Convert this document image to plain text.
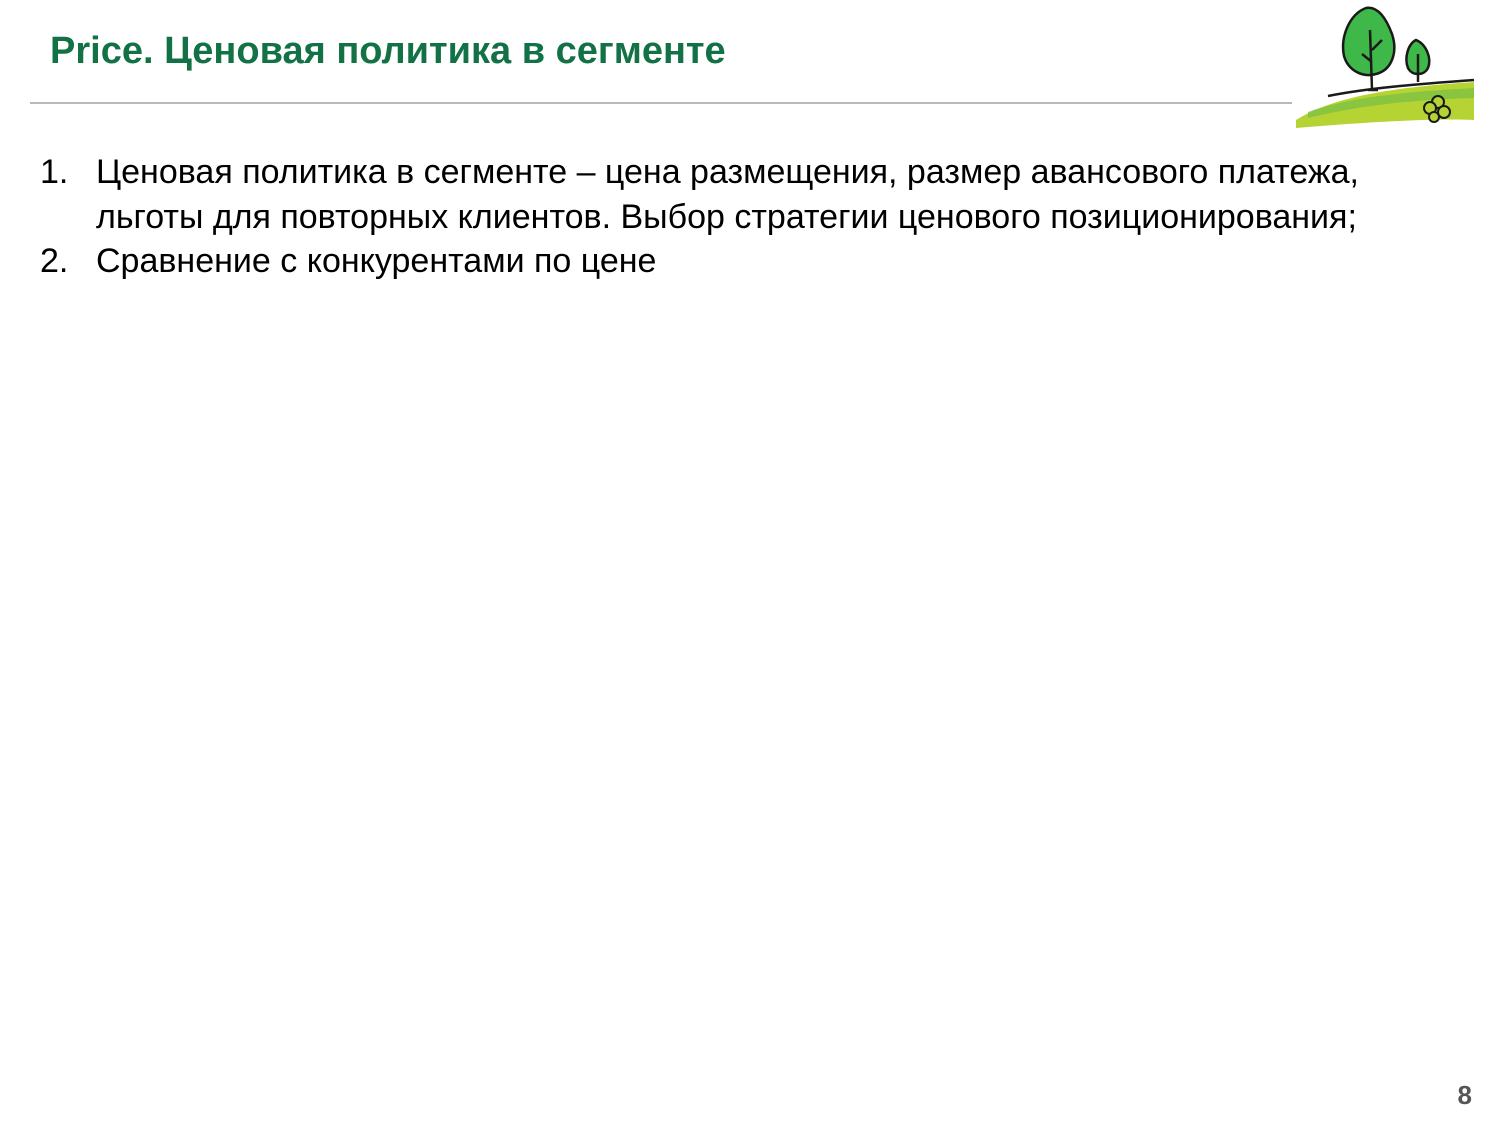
Price. Ценовая политика в сегменте
1. Ценовая политика в сегменте – цена размещения, размер авансового платежа, льготы для повторных клиентов. Выбор стратегии ценового позиционирования;
2. Сравнение с конкурентами по цене
8
